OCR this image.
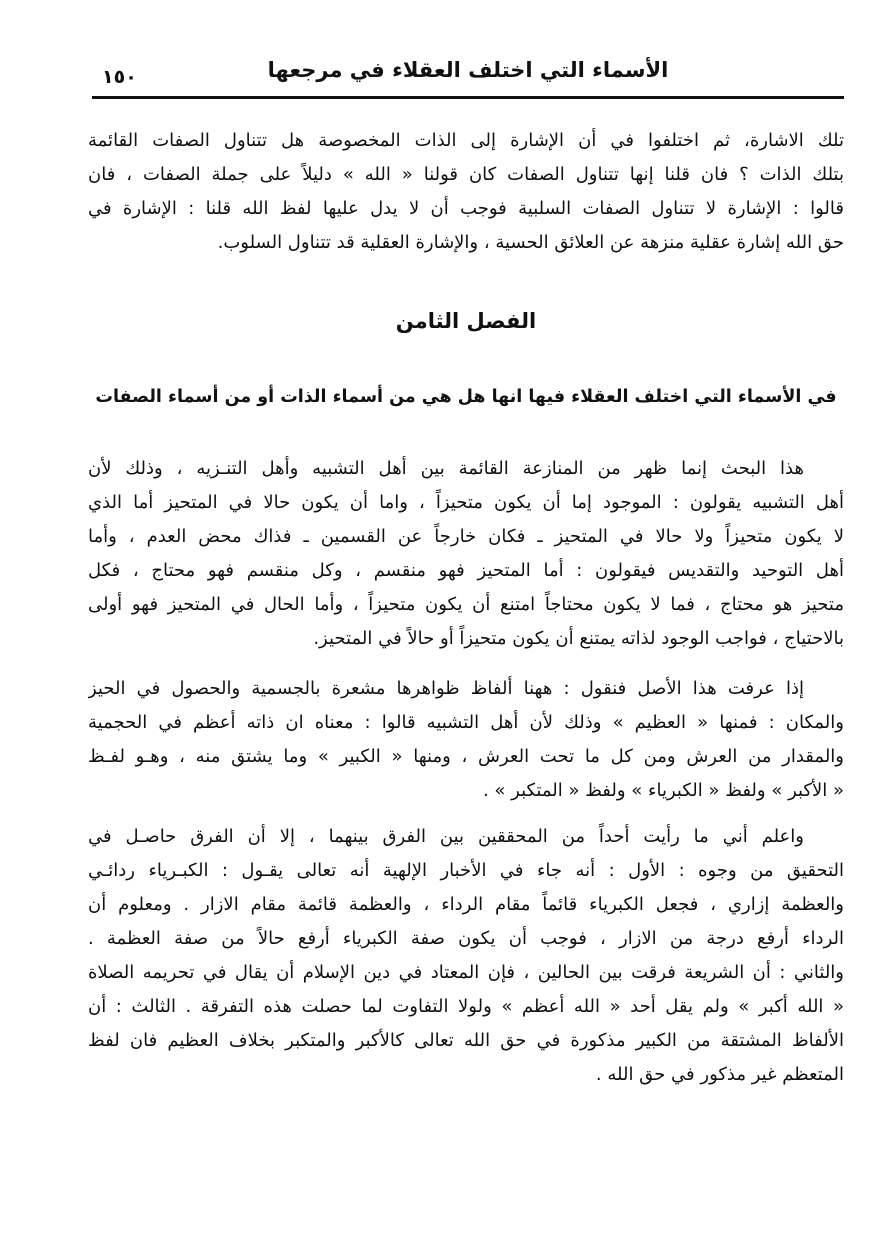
الأسماء التي اختلف العقلاء في مرجعها
١٥٠
تلك الاشارة، ثم اختلفوا في أن الإشارة إلى الذات المخصوصة هل تتناول الصفات القائمة
بتلك الذات ؟ فان قلنا إنها تتناول الصفات كان قولنا « الله » دليلاً على جملة الصفات ، فان
قالوا : الإشارة لا تتناول الصفات السلبية فوجب أن لا يدل عليها لفظ الله قلنا : الإشارة في
حق الله إشارة عقلية منزهة عن العلائق الحسية ، والإشارة العقلية قد تتناول السلوب.
الفصل الثامن
في الأسماء التي اختلف العقلاء فيها انها هل هي من أسماء الذات أو من أسماء الصفات
هذا البحث إنما ظهر من المنازعة القائمة بين أهل التشبيه وأهل التنـزيه ، وذلك لأن
أهل التشبيه يقولون : الموجود إما أن يكون متحيزاً ، واما أن يكون حالا في المتحيز أما الذي
لا يكون متحيزاً ولا حالا في المتحيز ـ فكان خارجاً عن القسمين ـ فذاك محض العدم ، وأما
أهل التوحيد والتقديس فيقولون : أما المتحيز فهو منقسم ، وكل منقسم فهو محتاج ، فكل
متحيز هو محتاج ، فما لا يكون محتاجاً امتنع أن يكون متحيزاً ، وأما الحال في المتحيز فهو أولى
بالاحتياج ، فواجب الوجود لذاته يمتنع أن يكون متحيزاً أو حالاً في المتحيز.
إذا عرفت هذا الأصل فنقول : ههنا ألفاظ ظواهرها مشعرة بالجسمية والحصول في الحيز
والمكان : فمنها « العظيم » وذلك لأن أهل التشبيه قالوا : معناه ان ذاته أعظم في الحجمية
والمقدار من العرش ومن كل ما تحت العرش ، ومنها « الكبير » وما يشتق منه ، وهـو لفـظ
« الأكبر » ولفظ « الكبرياء » ولفظ « المتكبر » .
واعلم أني ما رأيت أحداً من المحققين بين الفرق بينهما ، إلا أن الفرق حاصـل في
التحقيق من وجوه : الأول : أنه جاء في الأخبار الإلهية أنه تعالى يقـول : الكبـرياء ردائـي
والعظمة إزاري ، فجعل الكبرياء قائماً مقام الرداء ، والعظمة قائمة مقام الازار . ومعلوم أن
الرداء أرفع درجة من الازار ، فوجب أن يكون صفة الكبرياء أرفع حالاً من صفة العظمة .
والثاني : أن الشريعة فرقت بين الحالين ، فإن المعتاد في دين الإسلام أن يقال في تحريمه الصلاة
« الله أكبر » ولم يقل أحد « الله أعظم » ولولا التفاوت لما حصلت هذه التفرقة . الثالث : أن
الألفاظ المشتقة من الكبير مذكورة في حق الله تعالى كالأكبر والمتكبر بخلاف العظيم فان لفظ
المتعظم غير مذكور في حق الله .
